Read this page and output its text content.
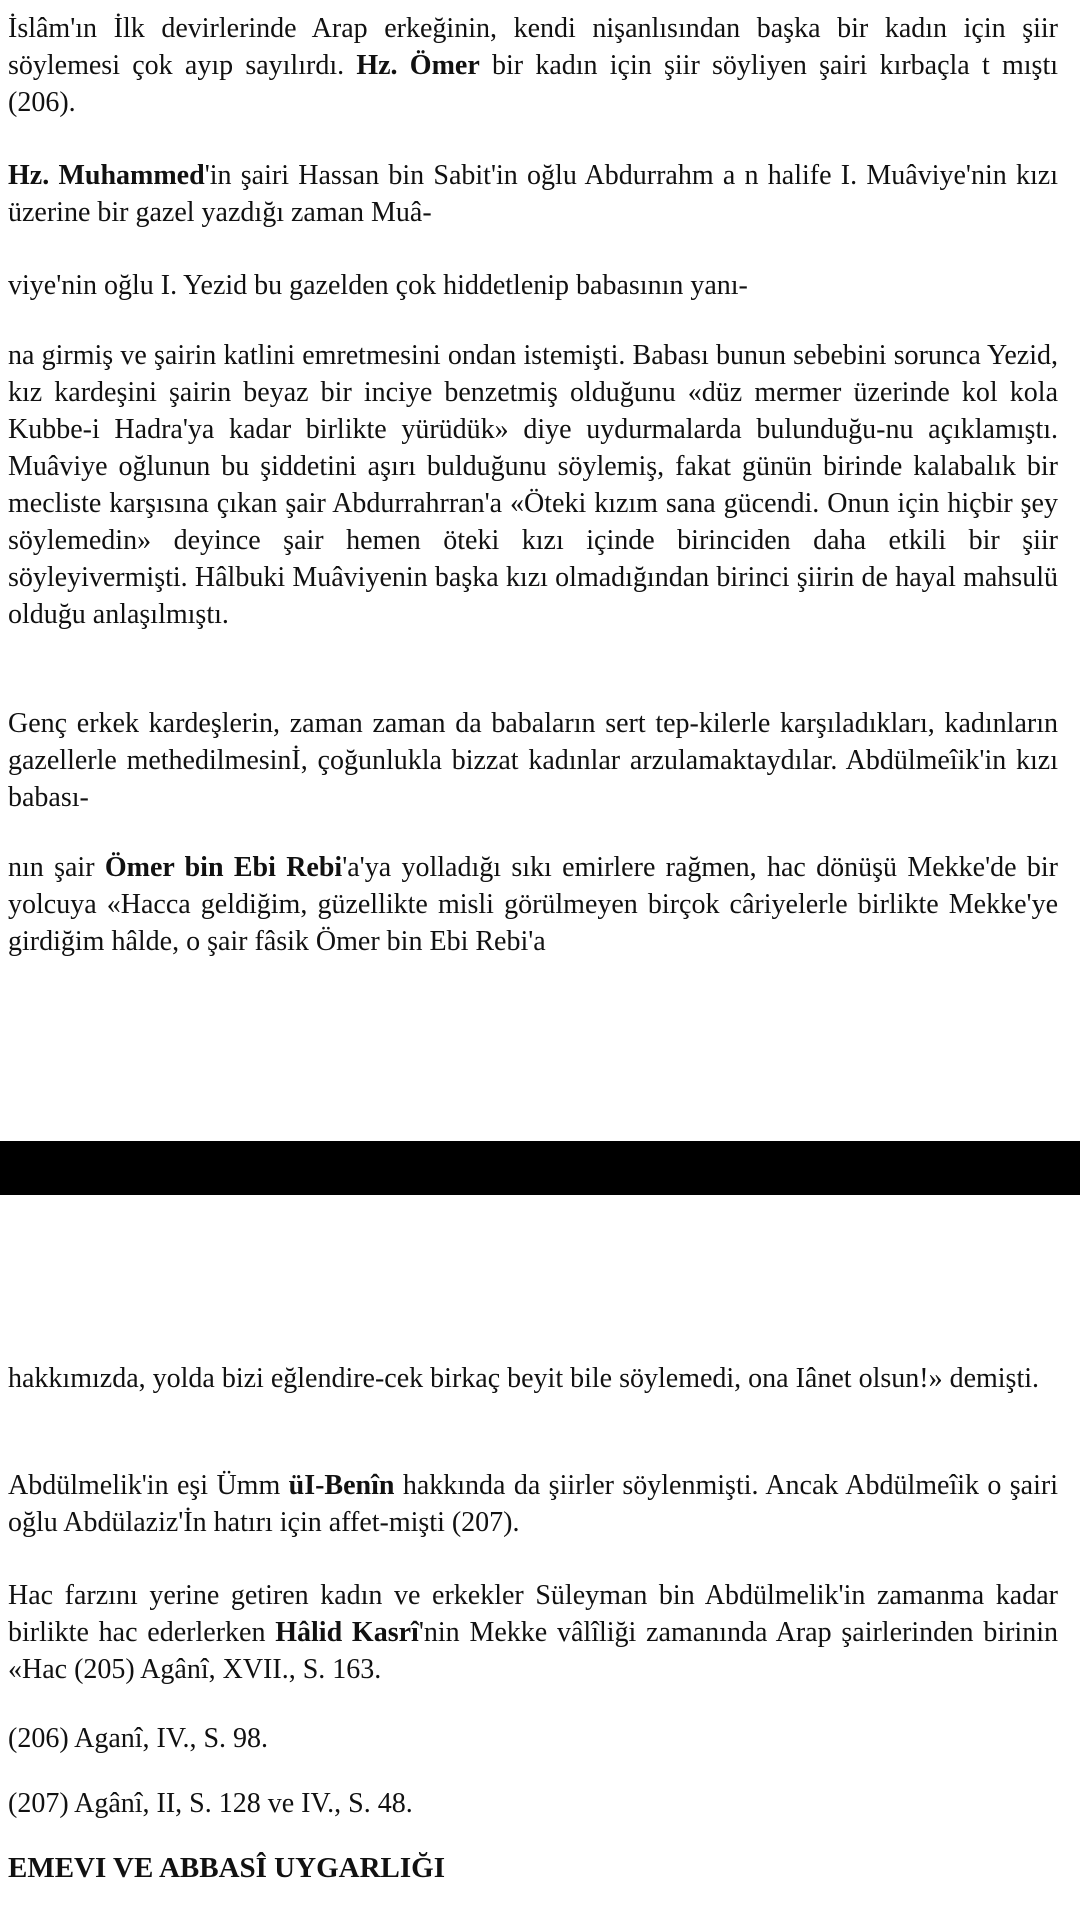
İslâm'ın İlk devirlerinde Arap erkeğinin, kendi nişanlısından başka bir kadın için şiir söylemesi çok ayıp sayılırdı. Hz. Ömer bir kadın için şiir söyliyen şairi kırbaçla t mıştı (206).

Hz. Muhammed'in şairi Hassan bin Sabit'in oğlu Abdurrahm a n halife I. Muâviye'nin kızı üzerine bir gazel yazdığı zaman Muâ-

viye'nin oğlu I. Yezid bu gazelden çok hiddetlenip babasının yanı-

na girmiş ve şairin katlini emretmesini ondan istemişti. Babası bunun sebebini sorunca Yezid, kız kardeşini şairin beyaz bir inciye benzetmiş olduğunu «düz mermer üzerinde kol kola Kubbe-i Hadra'ya kadar birlikte yürüdük» diye uydurmalarda bulunduğu-nu açıklamıştı. Muâviye oğlunun bu şiddetini aşırı bulduğunu söylemiş, fakat günün birinde kalabalık bir mecliste karşısına çıkan şair Abdurrahrran'a «Öteki kızım sana gücendi. Onun için hiçbir şey söylemedin» deyince şair hemen öteki kızı içinde birinciden daha etkili bir şiir söyleyivermişti. Hâlbuki Muâviyenin başka kızı olmadığından birinci şiirin de hayal mahsulü olduğu anlaşılmıştı.

Genç erkek kardeşlerin, zaman zaman da babaların sert tep-kilerle karşıladıkları, kadınların gazellerle methedilmesinİ, çoğunlukla bizzat kadınlar arzulamaktaydılar. Abdülmeîik'in kızı babası-

nın şair Ömer bin Ebi Rebi'a'ya yolladığı sıkı emirlere rağmen, hac dönüşü Mekke'de bir yolcuya «Hacca geldiğim, güzellikte misli görülmeyen birçok câriyelerle birlikte Mekke'ye girdiğim hâlde, o şair fâsik Ömer bin Ebi Rebi'a

hakkımızda, yolda bizi eğlendire-cek birkaç beyit bile söylemedi, ona Iânet olsun!» demişti.

Abdülmelik'in eşi Ümm üI-Benîn hakkında da şiirler söylenmişti. Ancak Abdülmeîik o şairi oğlu Abdülaziz'İn hatırı için affet-mişti (207).

Hac farzını yerine getiren kadın ve erkekler Süleyman bin Abdülmelik'in zamanma kadar birlikte hac ederlerken Hâlid Kasrî'nin Mekke vâlîliği zamanında Arap şairlerinden birinin «Hac (205) Agânî, XVII., S. 163.

(206) Aganî, IV., S. 98.

(207) Agânî, II, S. 128 ve IV., S. 48.

EMEVI VE ABBASÎ UYGARLIĞI
